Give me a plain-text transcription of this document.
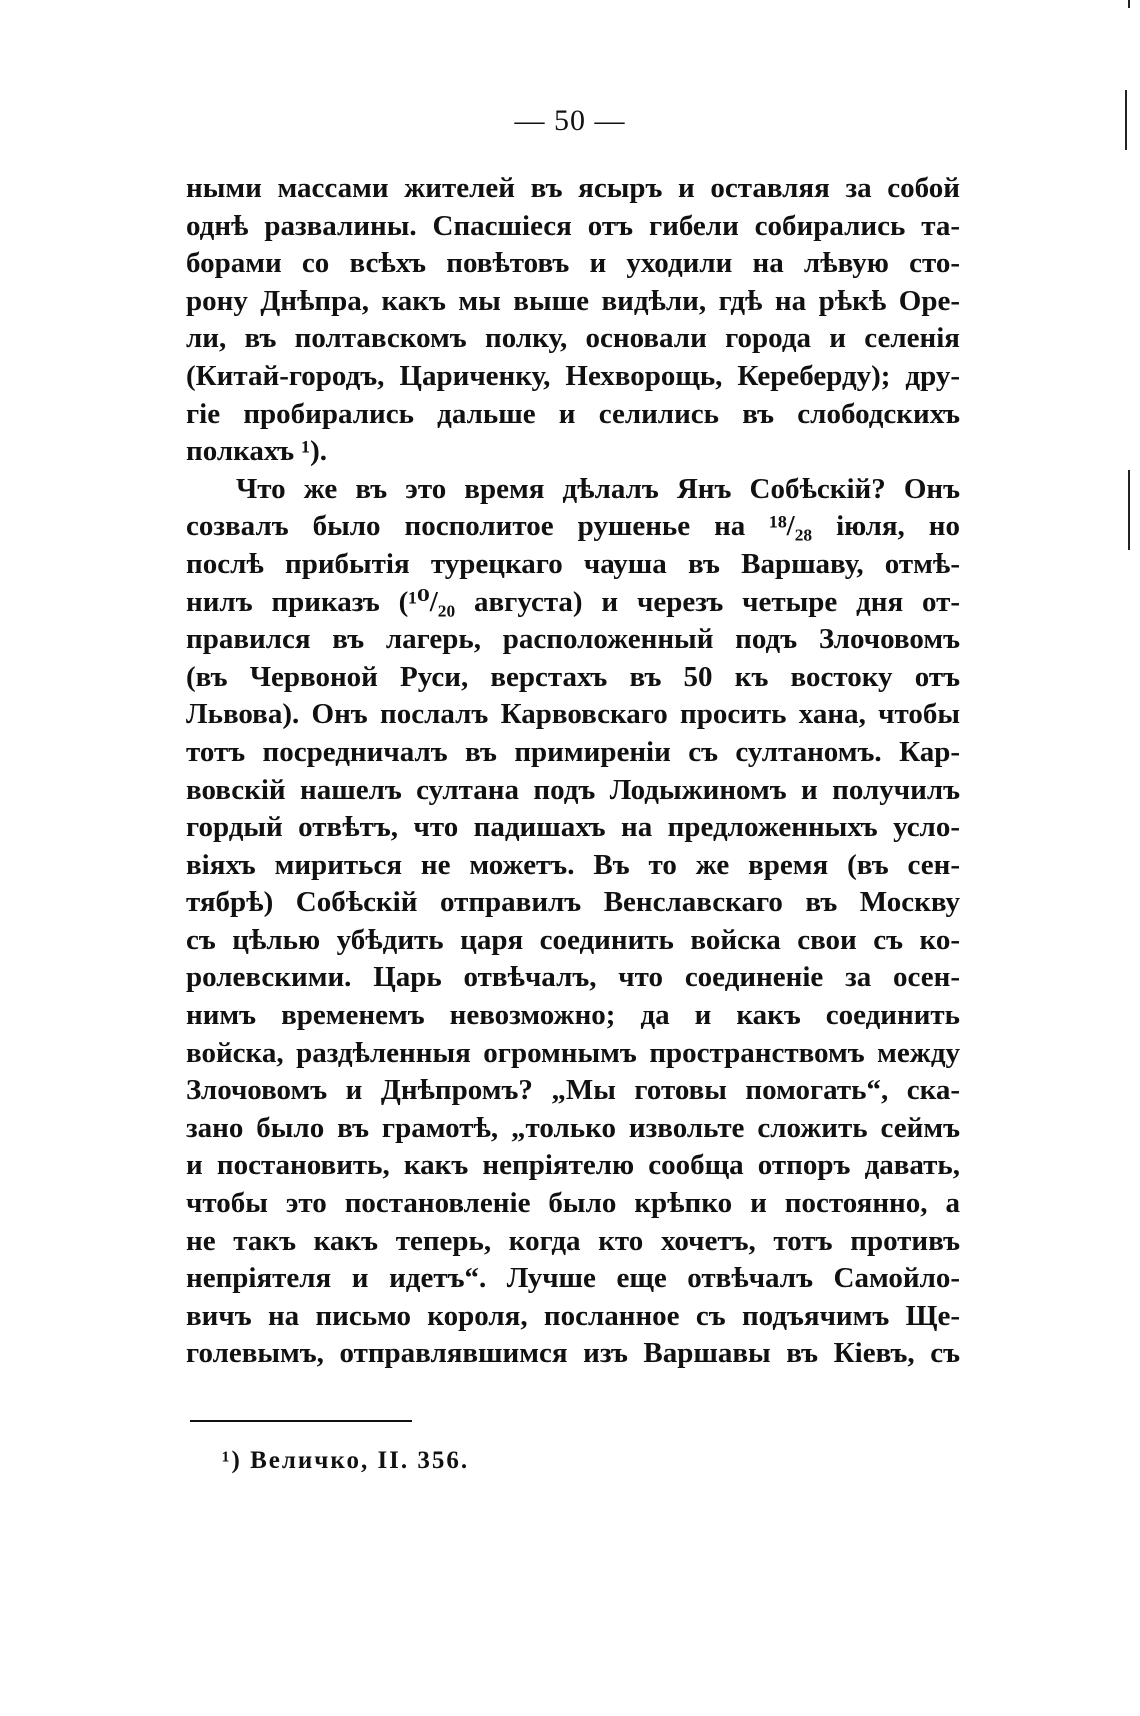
— 50 —
ными массами жителей въ ясыръ и оставляя за собой
однѣ развалины. Спасшіеся отъ гибели собирались та-
борами со всѣхъ повѣтовъ и уходили на лѣвую сто-
рону Днѣпра, какъ мы выше видѣли, гдѣ на рѣкѣ Оре-
ли, въ полтавскомъ полку, основали города и селенія
(Китай-городъ, Цариченку, Нехворощь, Кереберду); дру-
гіе пробирались дальше и селились въ слободскихъ
полкахъ ¹).
Что же въ это время дѣлалъ Янъ Собѣскій? Онъ
созвалъ было посполитое рушенье на ¹⁸/₂₈ іюля, но
послѣ прибытія турецкаго чауша въ Варшаву, отмѣ-
нилъ приказъ (¹⁰/₂₀ августа) и черезъ четыре дня от-
правился въ лагерь, расположенный подъ Злочовомъ
(въ Червоной Руси, верстахъ въ 50 къ востоку отъ
Львова). Онъ послалъ Карвовскаго просить хана, чтобы
тотъ посредничалъ въ примиреніи съ султаномъ. Кар-
вовскій нашелъ султана подъ Лодыжиномъ и получилъ
гордый отвѣтъ, что падишахъ на предложенныхъ усло-
віяхъ мириться не можетъ. Въ то же время (въ сен-
тябрѣ) Собѣскій отправилъ Венславскаго въ Москву
съ цѣлью убѣдить царя соединить войска свои съ ко-
ролевскими. Царь отвѣчалъ, что соединеніе за осен-
нимъ временемъ невозможно; да и какъ соединить
войска, раздѣленныя огромнымъ пространствомъ между
Злочовомъ и Днѣпромъ? „Мы готовы помогать“, ска-
зано было въ грамотѣ, „только извольте сложить сеймъ
и постановить, какъ непріятелю сообща отпоръ давать,
чтобы это постановленіе было крѣпко и постоянно, а
не такъ какъ теперь, когда кто хочетъ, тотъ противъ
непріятеля и идетъ“. Лучше еще отвѣчалъ Самойло-
вичъ на письмо короля, посланное съ подъячимъ Ще-
голевымъ, отправлявшимся изъ Варшавы въ Кіевъ, съ
¹) Величко, II. 356.
